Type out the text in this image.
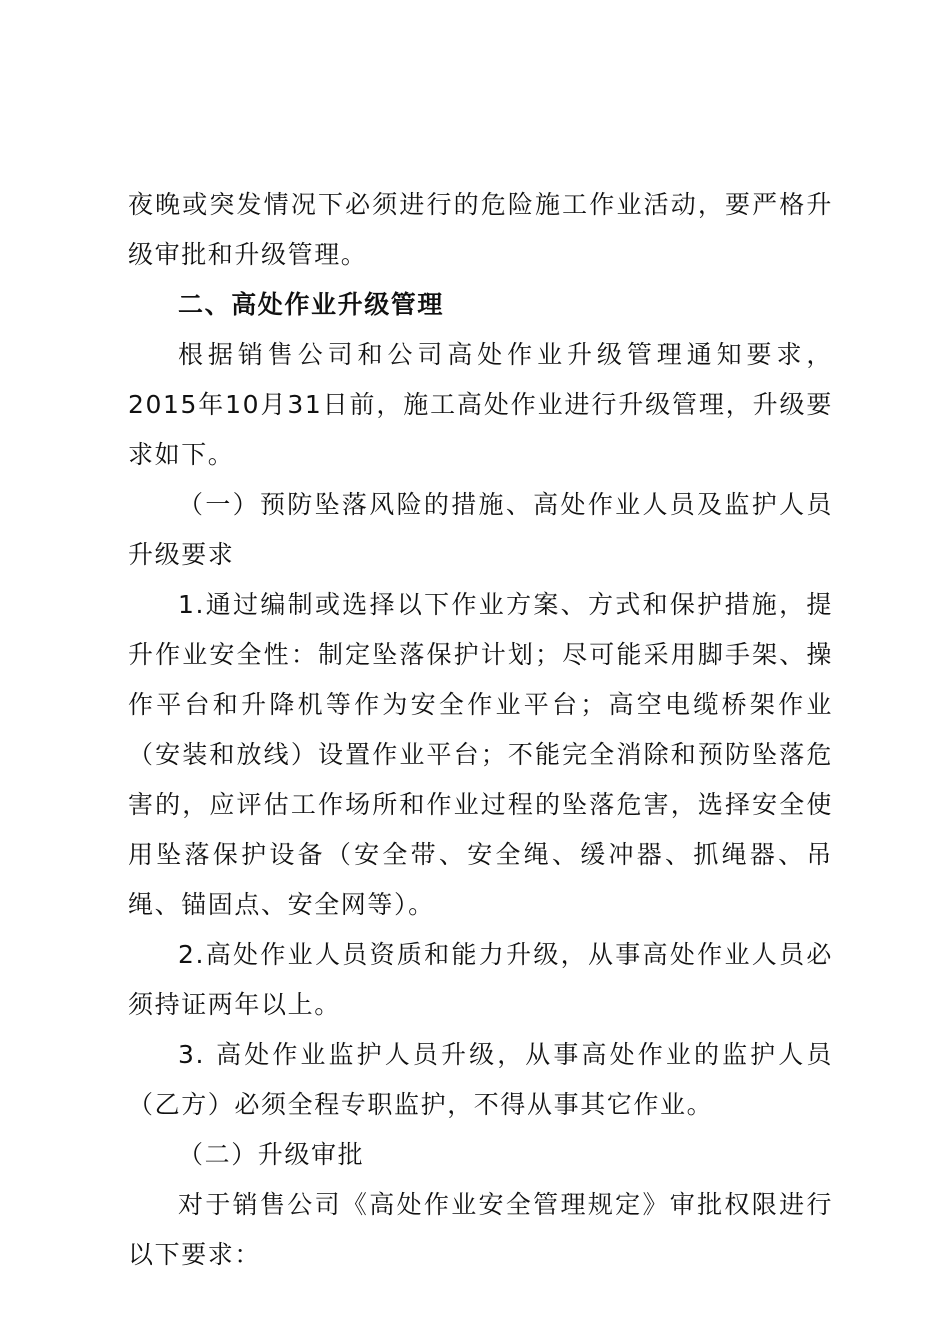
夜晚或突发情况下必须进行的危险施工作业活动，要严格升级审批和升级管理。

二、高处作业升级管理

根据销售公司和公司高处作业升级管理通知要求，2015年10月31日前，施工高处作业进行升级管理，升级要求如下。

（一）预防坠落风险的措施、高处作业人员及监护人员升级要求

1.通过编制或选择以下作业方案、方式和保护措施，提升作业安全性：制定坠落保护计划；尽可能采用脚手架、操作平台和升降机等作为安全作业平台；高空电缆桥架作业（安装和放线）设置作业平台；不能完全消除和预防坠落危害的，应评估工作场所和作业过程的坠落危害，选择安全使用坠落保护设备（安全带、安全绳、缓冲器、抓绳器、吊绳、锚固点、安全网等）。

2.高处作业人员资质和能力升级，从事高处作业人员必须持证两年以上。

3. 高处作业监护人员升级，从事高处作业的监护人员（乙方）必须全程专职监护，不得从事其它作业。

（二）升级审批

对于销售公司《高处作业安全管理规定》审批权限进行以下要求：
